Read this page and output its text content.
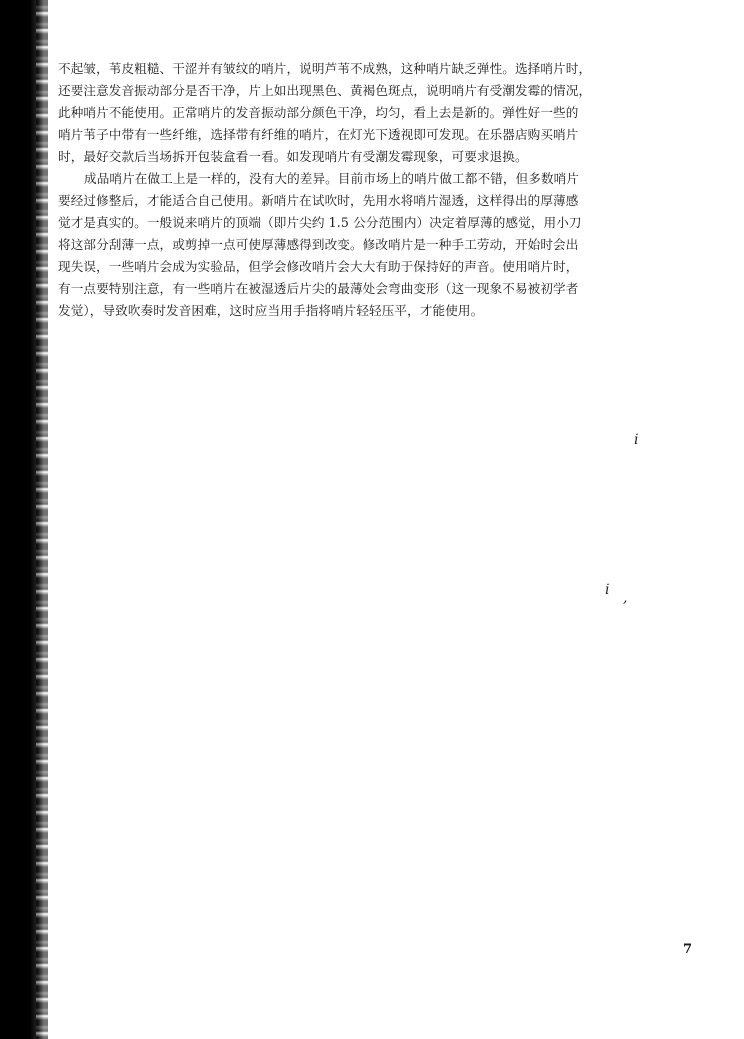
不起皱，苇皮粗糙、干涩并有皱纹的哨片，说明芦苇不成熟，这种哨片缺乏弹性。选择哨片时，
还要注意发音振动部分是否干净，片上如出现黑色、黄褐色斑点，说明哨片有受潮发霉的情况，
此种哨片不能使用。正常哨片的发音振动部分颜色干净，均匀，看上去是新的。弹性好一些的
哨片苇子中带有一些纤维，选择带有纤维的哨片，在灯光下透视即可发现。在乐器店购买哨片
时，最好交款后当场拆开包装盒看一看。如发现哨片有受潮发霉现象，可要求退换。
成品哨片在做工上是一样的，没有大的差异。目前市场上的哨片做工都不错，但多数哨片
要经过修整后，才能适合自己使用。新哨片在试吹时，先用水将哨片湿透，这样得出的厚薄感
觉才是真实的。一般说来哨片的顶端（即片尖约 1.5 公分范围内）决定着厚薄的感觉，用小刀
将这部分刮薄一点，或剪掉一点可使厚薄感得到改变。修改哨片是一种手工劳动，开始时会出
现失误，一些哨片会成为实验品，但学会修改哨片会大大有助于保持好的声音。使用哨片时，
有一点要特别注意，有一些哨片在被湿透后片尖的最薄处会弯曲变形（这一现象不易被初学者
发觉），导致吹奏时发音困难，这时应当用手指将哨片轻轻压平，才能使用。
i
i ,
7
